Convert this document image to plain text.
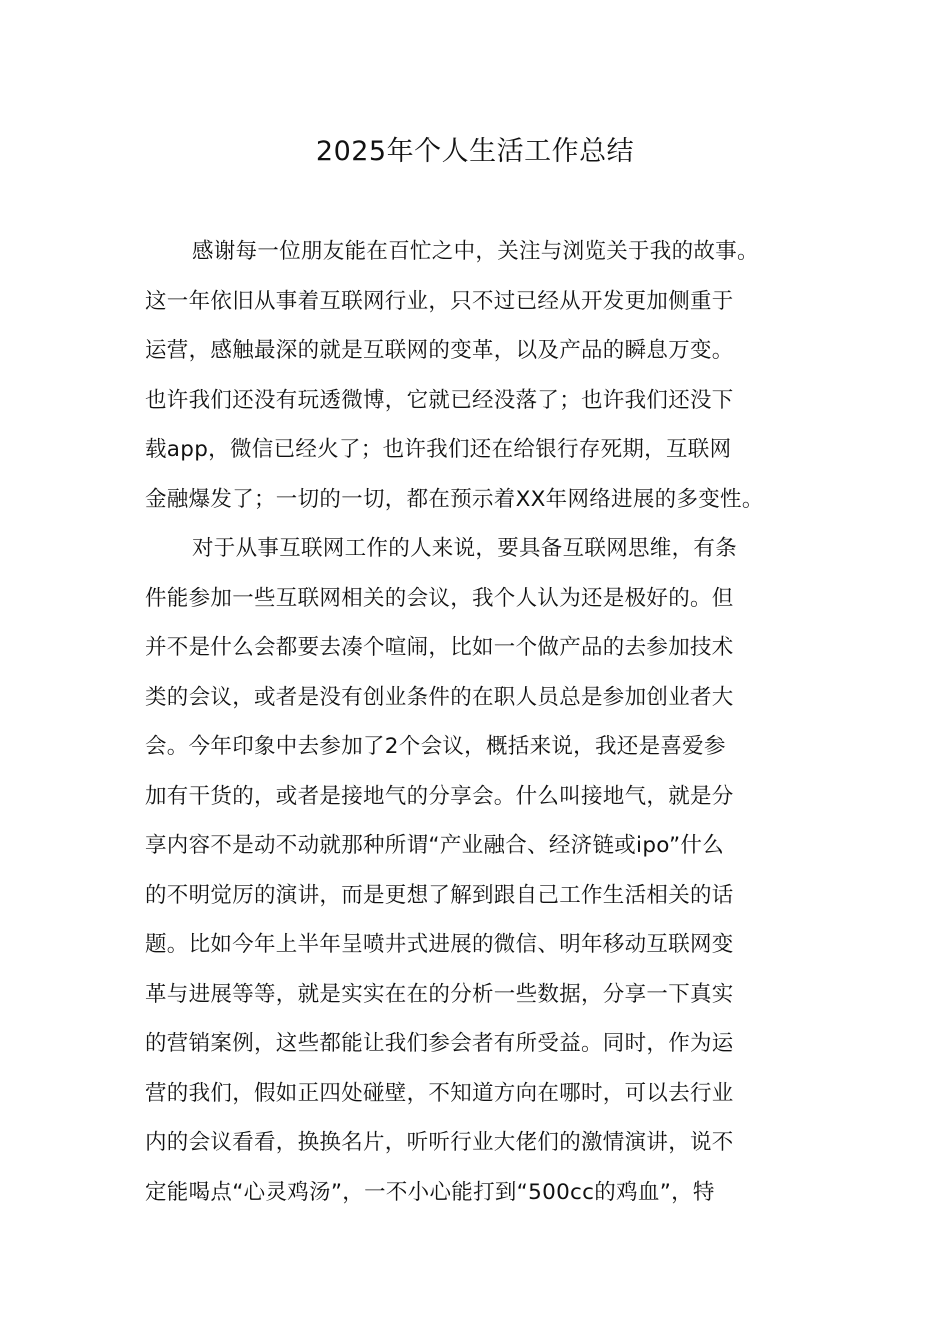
2025年个人生活工作总结
感谢每一位朋友能在百忙之中，关注与浏览关于我的故事。
这一年依旧从事着互联网行业，只不过已经从开发更加侧重于
运营，感触最深的就是互联网的变革，以及产品的瞬息万变。
也许我们还没有玩透微博，它就已经没落了；也许我们还没下
载app，微信已经火了；也许我们还在给银行存死期，互联网
金融爆发了；一切的一切，都在预示着XX年网络进展的多变性。
对于从事互联网工作的人来说，要具备互联网思维，有条
件能参加一些互联网相关的会议，我个人认为还是极好的。但
并不是什么会都要去凑个喧闹，比如一个做产品的去参加技术
类的会议，或者是没有创业条件的在职人员总是参加创业者大
会。今年印象中去参加了2个会议，概括来说，我还是喜爱参
加有干货的，或者是接地气的分享会。什么叫接地气，就是分
享内容不是动不动就那种所谓“产业融合、经济链或ipo”什么
的不明觉厉的演讲，而是更想了解到跟自己工作生活相关的话
题。比如今年上半年呈喷井式进展的微信、明年移动互联网变
革与进展等等，就是实实在在的分析一些数据，分享一下真实
的营销案例，这些都能让我们参会者有所受益。同时，作为运
营的我们，假如正四处碰壁，不知道方向在哪时，可以去行业
内的会议看看，换换名片，听听行业大佬们的激情演讲，说不
定能喝点“心灵鸡汤”，一不小心能打到“500cc的鸡血”，特
